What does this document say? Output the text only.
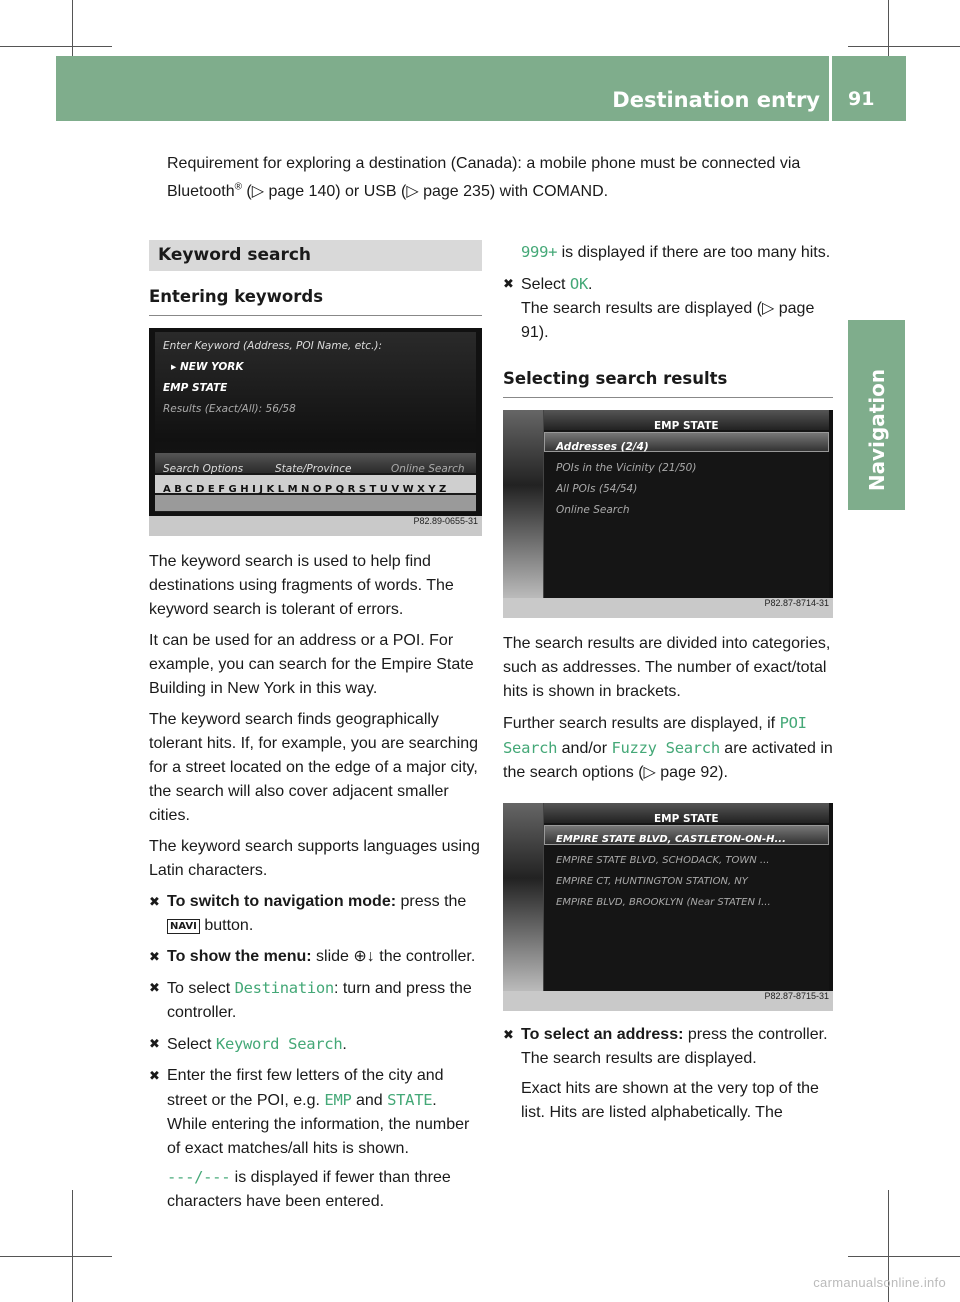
Destination entry 91
Navigation
Requirement for exploring a destination (Canada): a mobile phone must be connected via Bluetooth® (▷ page 140) or USB (▷ page 235) with COMAND.
Keyword search
Entering keywords
Enter Keyword (Address, POI Name, etc.):
▸ NEW YORK
EMP STATE
Results (Exact/All): 56/58
Search Options	State/Province	Online Search
A B C D E F G H I J K L M N O P Q R S T U V W X Y Z
P82.89-0655-31
The keyword search is used to help find destinations using fragments of words. The keyword search is tolerant of errors.
It can be used for an address or a POI. For example, you can search for the Empire State Building in New York in this way.
The keyword search finds geographically tolerant hits. If, for example, you are searching for a street located on the edge of a major city, the search will also cover adjacent smaller cities.
The keyword search supports languages using Latin characters.
✖ To switch to navigation mode: press the
NAVI button.
✖ To show the menu: slide ⊕↓ the controller.
✖ To select Destination: turn and press the controller.
✖ Select Keyword Search.
✖ Enter the first few letters of the city and street or the POI, e.g. EMP and STATE.
While entering the information, the number of exact matches/all hits is shown.
---/--- is displayed if fewer than three characters have been entered.
999+ is displayed if there are too many hits.
✖ Select OK.
The search results are displayed (▷ page 91).
Selecting search results
EMP STATE
Addresses (2/4)
POIs in the Vicinity (21/50)
All POIs (54/54)
Online Search
P82.87-8714-31
The search results are divided into categories, such as addresses. The number of exact/total hits is shown in brackets.
Further search results are displayed, if POI Search and/or Fuzzy Search are activated in the search options (▷ page 92).
EMP STATE
EMPIRE STATE BLVD, CASTLETON-ON-H...
EMPIRE STATE BLVD, SCHODACK, TOWN ...
EMPIRE CT, HUNTINGTON STATION, NY
EMPIRE BLVD, BROOKLYN (Near STATEN I...
P82.87-8715-31
✖ To select an address: press the controller.
The search results are displayed.
Exact hits are shown at the very top of the list. Hits are listed alphabetically. The
carmanualsonline.info
